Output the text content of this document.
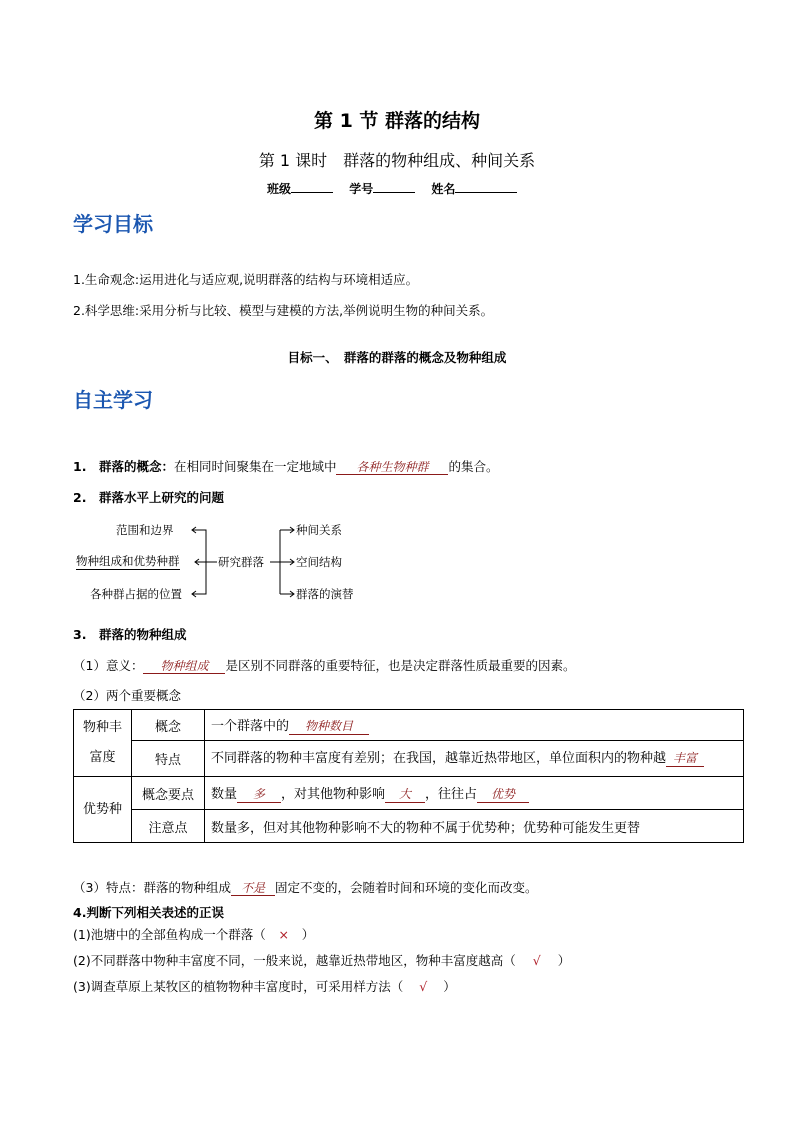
第 1 节 群落的结构
第 1 课时　群落的物种组成、种间关系
班级	学号	姓名
学习目标
1.生命观念:运用进化与适应观,说明群落的结构与环境相适应。
2.科学思维:采用分析与比较、模型与建模的方法,举例说明生物的种间关系。
目标一、　群落的群落的概念及物种组成
自主学习
1.　群落的概念：在相同时间聚集在一定地域中 各种生物种群 的集合。
2.　群落水平上研究的问题
范围和边界
物种组成和优势种群
各种群占据的位置
研究群落
种间关系
空间结构
群落的演替
3.　群落的物种组成
（1）意义： 物种组成 是区别不同群落的重要特征，也是决定群落性质最重要的因素。
（2）两个重要概念
物种丰富度	概念	一个群落中的 物种数目
	特点	不同群落的物种丰富度有差别；在我国，越靠近热带地区，单位面积内的物种越 丰富
优势种	概念要点	数量 多 ，对其他物种影响 大 ，往往占 优势
	注意点	数量多，但对其他物种影响不大的物种不属于优势种；优势种可能发生更替
（3）特点：群落的物种组成 不是 固定不变的，会随着时间和环境的变化而改变。
4.判断下列相关表述的正误
(1)池塘中的全部鱼构成一个群落（ × ）
(2)不同群落中物种丰富度不同，一般来说，越靠近热带地区，物种丰富度越高（ √ ）
(3)调查草原上某牧区的植物物种丰富度时，可采用样方法（ √ ）
